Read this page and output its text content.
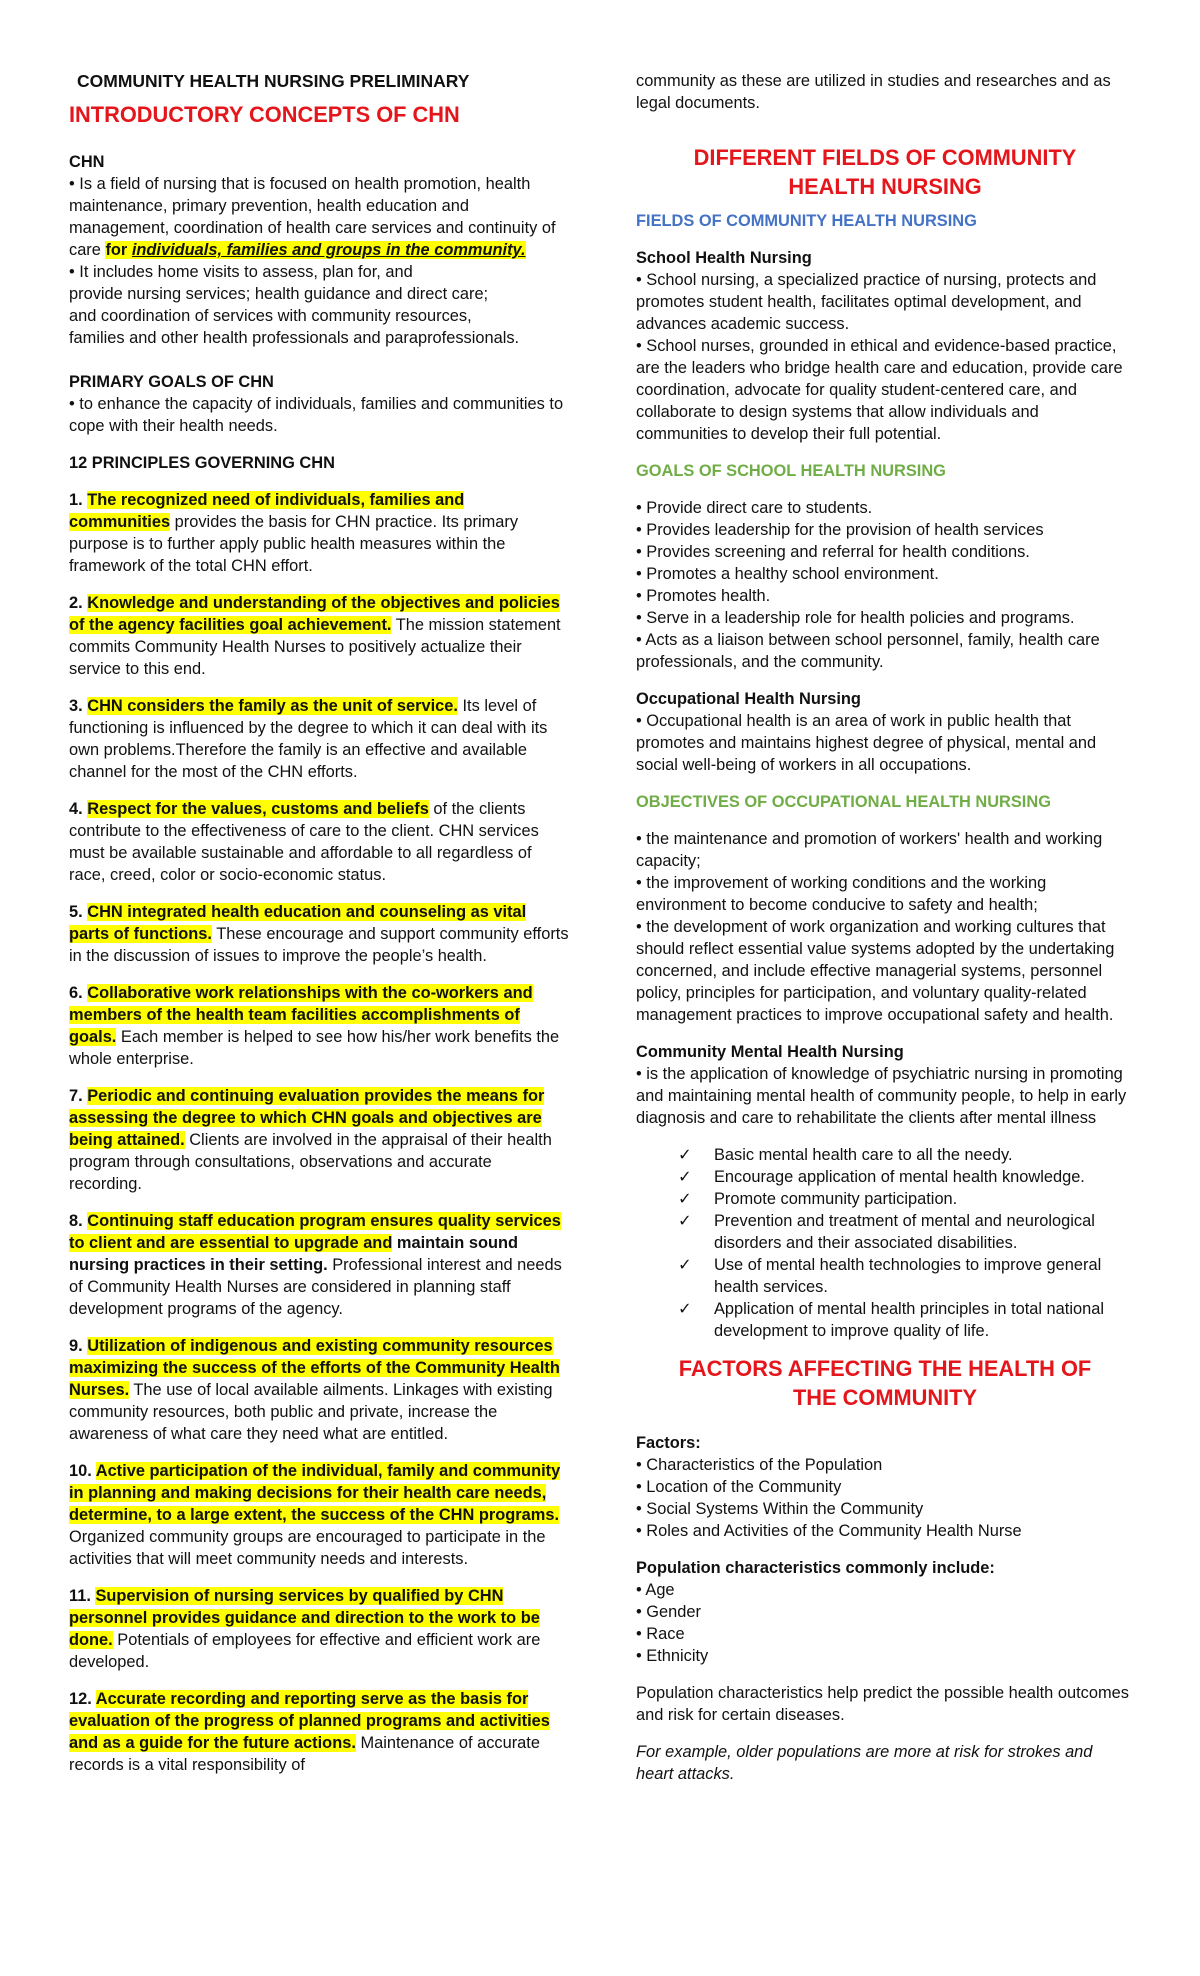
COMMUNITY HEALTH NURSING PRELIMINARY
INTRODUCTORY CONCEPTS OF CHN

CHN

• Is a field of nursing that is focused on health promotion, health maintenance, primary prevention, health education and management, coordination of health care services and continuity of care for individuals, families and groups in the community.

• It includes home visits to assess, plan for, and

provide nursing services; health guidance and direct care;

and coordination of services with community resources,

families and other health professionals and paraprofessionals.

PRIMARY GOALS OF CHN

• to enhance the capacity of individuals, families and communities to cope with their health needs.

12 PRINCIPLES GOVERNING CHN

1. The recognized need of individuals, families and communities provides the basis for CHN practice. Its primary purpose is to further apply public health measures within the framework of the total CHN effort.

2. Knowledge and understanding of the objectives and policies of the agency facilities goal achievement. The mission statement commits Community Health Nurses to positively actualize their service to this end.

3. CHN considers the family as the unit of service. Its level of functioning is influenced by the degree to which it can deal with its own problems.Therefore the family is an effective and available channel for the most of the CHN efforts.

4. Respect for the values, customs and beliefs of the clients contribute to the effectiveness of care to the client. CHN services must be available sustainable and affordable to all regardless of race, creed, color or socio-economic status.

5. CHN integrated health education and counseling as vital parts of functions. These encourage and support community efforts in the discussion of issues to improve the people’s health.

6. Collaborative work relationships with the co-workers and members of the health team facilities accomplishments of goals. Each member is helped to see how his/her work benefits the whole enterprise.

7. Periodic and continuing evaluation provides the means for assessing the degree to which CHN goals and objectives are being attained. Clients are involved in the appraisal of their health program through consultations, observations and accurate recording.

8. Continuing staff education program ensures quality services to client and are essential to upgrade and maintain sound nursing practices in their setting. Professional interest and needs of Community Health Nurses are considered in planning staff development programs of the agency.

9. Utilization of indigenous and existing community resources maximizing the success of the efforts of the Community Health Nurses. The use of local available ailments. Linkages with existing community resources, both public and private, increase the awareness of what care they need what are entitled.

10. Active participation of the individual, family and community in planning and making decisions for their health care needs, determine, to a large extent, the success of the CHN programs. Organized community groups are encouraged to participate in the activities that will meet community needs and interests.

11. Supervision of nursing services by qualified by CHN personnel provides guidance and direction to the work to be done. Potentials of employees for effective and efficient work are developed.

12. Accurate recording and reporting serve as the basis for evaluation of the progress of planned programs and activities and as a guide for the future actions. Maintenance of accurate records is a vital responsibility of

community as these are utilized in studies and researches and as legal documents.

DIFFERENT FIELDS OF COMMUNITY
HEALTH NURSING

FIELDS OF COMMUNITY HEALTH NURSING

School Health Nursing

• School nursing, a specialized practice of nursing, protects and promotes student health, facilitates optimal development, and advances academic success.

• School nurses, grounded in ethical and evidence-based practice, are the leaders who bridge health care and education, provide care coordination, advocate for quality student-centered care, and collaborate to design systems that allow individuals and communities to develop their full potential.

GOALS OF SCHOOL HEALTH NURSING

• Provide direct care to students.

• Provides leadership for the provision of health services

• Provides screening and referral for health conditions.

• Promotes a healthy school environment.

• Promotes health.

• Serve in a leadership role for health policies and programs.

• Acts as a liaison between school personnel, family, health care professionals, and the community.

Occupational Health Nursing

• Occupational health is an area of work in public health that promotes and maintains highest degree of physical, mental and social well-being of workers in all occupations.

OBJECTIVES OF OCCUPATIONAL HEALTH NURSING

• the maintenance and promotion of workers' health and working capacity;

• the improvement of working conditions and the working environment to become conducive to safety and health;

• the development of work organization and working cultures that should reflect essential value systems adopted by the undertaking concerned, and include effective managerial systems, personnel policy, principles for participation, and voluntary quality-related management practices to improve occupational safety and health.

Community Mental Health Nursing

• is the application of knowledge of psychiatric nursing in promoting and maintaining mental health of community people, to help in early diagnosis and care to rehabilitate the clients after mental illness

✓ Basic mental health care to all the needy.
✓ Encourage application of mental health knowledge.
✓ Promote community participation.
✓ Prevention and treatment of mental and neurological disorders and their associated disabilities.
✓ Use of mental health technologies to improve general health services.
✓ Application of mental health principles in total national development to improve quality of life.
FACTORS AFFECTING THE HEALTH OF
THE COMMUNITY

Factors:

• Characteristics of the Population

• Location of the Community

• Social Systems Within the Community

• Roles and Activities of the Community Health Nurse

Population characteristics commonly include:

• Age

• Gender

• Race

• Ethnicity

Population characteristics help predict the possible health outcomes and risk for certain diseases.

For example, older populations are more at risk for strokes and heart attacks.
